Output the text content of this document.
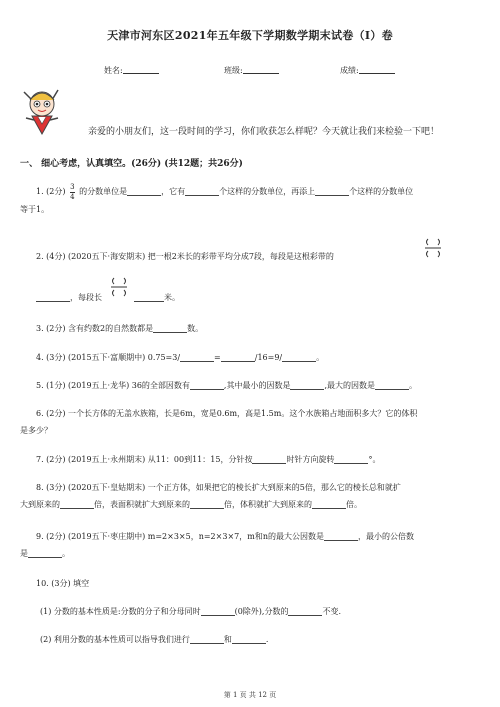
天津市河东区2021年五年级下学期数学期末试卷（I）卷
姓名:	班级:	成绩:
亲爱的小朋友们，这一段时间的学习，你们收获怎么样呢？今天就让我们来检验一下吧！
一、 细心考虑，认真填空。(26分) (共12题；共26分)
1. (2分) $\frac{3}{4}$ 的分数单位是	，它有	个这样的分数单位，再添上	个这样的分数单位
等于1。
2. (4分) (2020五下·海安期末) 把一根2米长的彩带平均分成7段，每段是这根彩带的
，每段长	米。
3. (2分) 含有约数2的自然数都是	数。
4. (3分) (2015五下·富顺期中) 0.75=3/	=	/16=9/	。
5. (1分) (2019五上·龙华) 36的全部因数有	,其中最小的因数是	,最大的因数是	。
6. (2分) 一个长方体的无盖水族箱，长是6m，宽是0.6m，高是1.5m。这个水族箱占地面积多大？它的体积
是多少？
7. (2分) (2019五上·永州期末) 从11：00到11：15，分针按	时针方向旋转	°。
8. (3分) (2020五下·皇姑期末) 一个正方体，如果把它的棱长扩大到原来的5倍，那么它的棱长总和就扩
大到原来的	倍，表面积就扩大到原来的	倍，体积就扩大到原来的	倍。
9. (2分) (2019五下·枣庄期中) m=2×3×5，n=2×3×7，m和n的最大公因数是	，最小的公倍数
是	。
10. (3分) 填空
(1) 分数的基本性质是:分数的分子和分母同时	(0除外),分数的	不变.
(2) 利用分数的基本性质可以指导我们进行	和	.
第 1 页 共 12 页
